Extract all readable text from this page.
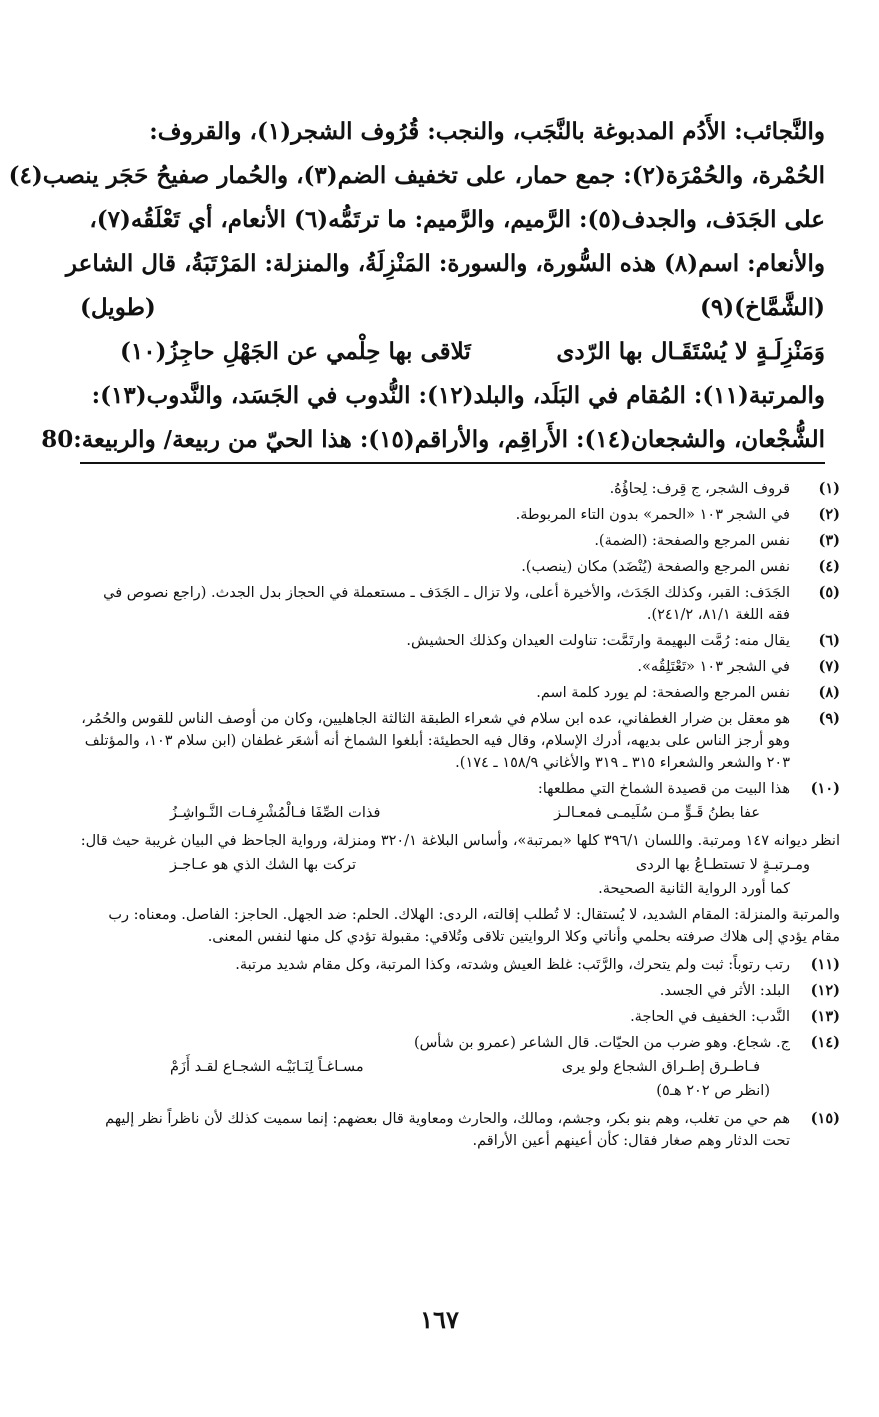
والنَّجائب: الأَدُم المدبوغة بالنَّجَب، والنجب: قُرُوف الشجر(١)، والقروف:
الحُمْرة، والحُمْرَة(٢): جمع حمار، على تخفيف الضم(٣)، والحُمار صفيحُ حَجَر ينصب(٤)
على الجَدَف، والجدف(٥): الرَّميم، والرَّميم: ما ترتَمُّه(٦) الأنعام، أي تَعْلَقُه(٧)،
والأنعام: اسم(٨) هذه السُّورة، والسورة: المَنْزِلَةُ، والمنزلة: المَرْتَبَةُ، قال الشاعر
(الشَّمَّاخ)(٩)
(طويل)
وَمَنْزِلَـةٍ لا يُسْتَقَـال بها الرّدى
تَلاقى بها حِلْمي عن الجَهْلِ حاجِزُ(١٠)
والمرتبة(١١): المُقام في البَلَد، والبلد(١٢): النُّدوب في الجَسَد، والنَّدوب(١٣):
الشُّجْعان، والشجعان(١٤): الأَراقِم، والأراقم(١٥): هذا الحيّ من ربيعة/ والربيعة:
80
(١)
قروف الشجر، ج قِرف: لِحاؤُهُ.
(٢)
في الشجر ١٠٣ «الحمر» بدون التاء المربوطة.
(٣)
نفس المرجع والصفحة: (الضمة).
(٤)
نفس المرجع والصفحة (يُنْضَد) مكان (ينصب).
(٥)
الجَدَف: القبر، وكذلك الجَدَث، والأخيرة أعلى، ولا تزال ـ الجَدَف ـ مستعملة في الحجاز بدل الجدث. (راجع نصوص في فقه اللغة ٨١/١، ٢٤١/٢).
(٦)
يقال منه: رُمَّت البهيمة وارتَمَّت: تناولت العيدان وكذلك الحشيش.
(٧)
في الشجر ١٠٣ «تَعْتَلِقُه».
(٨)
نفس المرجع والصفحة: لم يورد كلمة اسم.
(٩)
هو معقل بن ضرار الغطفاني، عده ابن سلام في شعراء الطبقة الثالثة الجاهليين، وكان من أوصف الناس للقوس والحُمُر، وهو أرجز الناس على بديهه، أدرك الإسلام، وقال فيه الحطيئة: أبلغوا الشماخ أنه أشعَر غطفان (ابن سلام ١٠٣، والمؤتلف ٢٠٣ والشعر والشعراء ٣١٥ ـ ٣١٩ والأغاني ١٥٨/٩ ـ ١٧٤).
(١٠)
هذا البيت من قصيدة الشماخ التي مطلعها:
عفا بطنُ قَـوٍّ مـن سُلَيمـى فمعـالـز
فذات الصِّفَا فـالْمُشْرِفـات النَّـواشِـزُ
انظر ديوانه ١٤٧ ومرتبة. واللسان ٣٩٦/١ كلها «بمرتبة»، وأساس البلاغة ٣٢٠/١ ومنزلة، ورواية الجاحظ في البيان غريبة حيث قال:
ومـرتبـةٍ لا تستطـاعُ بها الردى
تركت بها الشك الذي هو عـاجـز
كما أورد الرواية الثانية الصحيحة.
والمرتبة والمنزلة: المقام الشديد، لا يُستقال: لا تُطلب إقالته، الردى: الهلاك. الحلم: ضد الجهل. الحاجز: الفاصل. ومعناه: رب مقام يؤدي إلى هلاك صرفته بحلمي وأناتي وكلا الروايتين تلاقى وتُلاقي: مقبولة تؤدي كل منها لنفس المعنى.
(١١)
رتب رتوباً: ثبت ولم يتحرك، والرَّتَب: غلظ العيش وشدته، وكذا المرتبة، وكل مقام شديد مرتبة.
(١٢)
البلد: الأثر في الجسد.
(١٣)
النَّدب: الخفيف في الحاجة.
(١٤)
ج. شجاع. وهو ضرب من الحيّات. قال الشاعر (عمرو بن شأس)
فـاطـرق إطـراق الشجاع ولو يرى
مسـاغـاً لِنَـابَيْـه الشجـاع لقـد أَزَمْ
(انظر ص ٢٠٢ هـ٥)
(١٥)
هم حي من تغلب، وهم بنو بكر، وجشم، ومالك، والحارث ومعاوية قال بعضهم: إنما سميت كذلك لأن ناظراً نظر إليهم تحت الدثار وهم صغار فقال: كأن أعينهم أعين الأراقم.
١٦٧
